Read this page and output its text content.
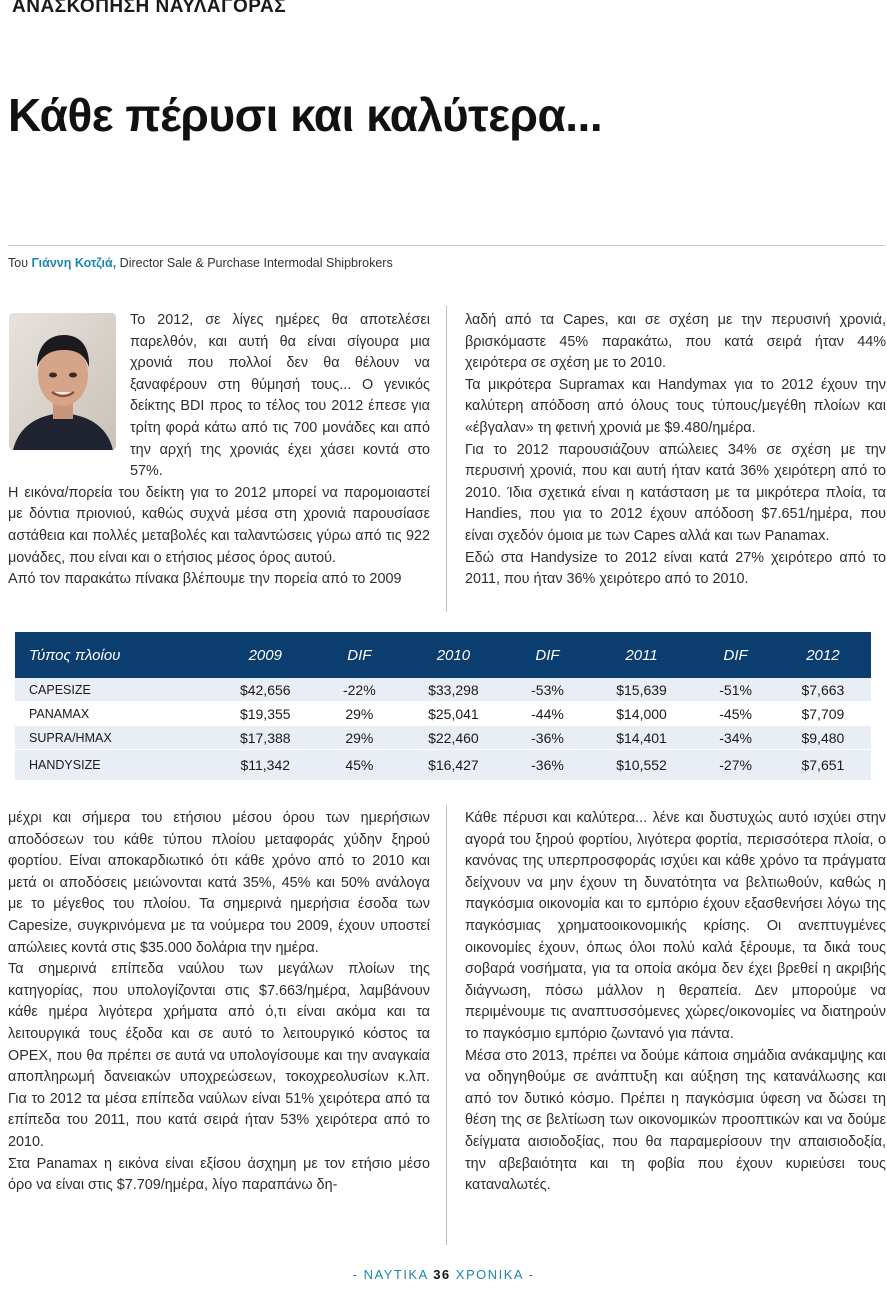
ΑΝΑΣΚΟΠΗΣΗ ΝΑΥΛΑΓΟΡΑΣ
Κάθε πέρυσι και καλύτερα...
Του Γιάννη Κοτζιά, Director Sale & Purchase Intermodal Shipbrokers

Το 2012, σε λίγες ημέρες θα αποτελέσει παρελθόν, και αυτή θα είναι σίγουρα μια χρονιά που πολλοί δεν θα θέλουν να ξαναφέρουν στη θύμησή τους... Ο γενικός δείκτης BDI προς το τέλος του 2012 έπεσε για τρίτη φορά κάτω από τις 700 μονάδες και από την αρχή της χρονιάς έχει χάσει κοντά στο 57%.

Η εικόνα/πορεία του δείκτη για το 2012 μπορεί να παρομοιαστεί με δόντια πριονιού, καθώς συχνά μέσα στη χρονιά παρουσίασε αστάθεια και πολλές μεταβολές και ταλαντώσεις γύρω από τις 922 μονάδες, που είναι και ο ετήσιος μέσος όρος αυτού.

Από τον παρακάτω πίνακα βλέπουμε την πορεία από το 2009

λαδή από τα Capes, και σε σχέση με την περυσινή χρονιά, βρισκόμαστε 45% παρακάτω, που κατά σειρά ήταν 44% χειρότερα σε σχέση με το 2010.

Τα μικρότερα Supramax και Handymax για το 2012 έχουν την καλύτερη απόδοση από όλους τους τύπους/μεγέθη πλοίων και «έβγαλαν» τη φετινή χρονιά με $9.480/ημέρα.

Για το 2012 παρουσιάζουν απώλειες 34% σε σχέση με την περυσινή χρονιά, που και αυτή ήταν κατά 36% χειρότερη από το 2010. Ίδια σχετικά είναι η κατάσταση με τα μικρότερα πλοία, τα Handies, που για το 2012 έχουν απόδοση $7.651/ημέρα, που είναι σχεδόν όμοια με των Capes αλλά και των Panamax.

Εδώ στα Handysize το 2012 είναι κατά 27% χειρότερο από το 2011, που ήταν 36% χειρότερο από το 2010.

Τύπος πλοίου	2009	DIF	2010	DIF	2011	DIF	2012
CAPESIZE	$42,656	-22%	$33,298	-53%	$15,639	-51%	$7,663
PANAMAX	$19,355	29%	$25,041	-44%	$14,000	-45%	$7,709
SUPRA/HMAX	$17,388	29%	$22,460	-36%	$14,401	-34%	$9,480
HANDYSIZE	$11,342	45%	$16,427	-36%	$10,552	-27%	$7,651

μέχρι και σήμερα του ετήσιου μέσου όρου των ημερήσιων αποδόσεων του κάθε τύπου πλοίου μεταφοράς χύδην ξηρού φορτίου. Είναι αποκαρδιωτικό ότι κάθε χρόνο από το 2010 και μετά οι αποδόσεις μειώνονται κατά 35%, 45% και 50% ανάλογα με το μέγεθος του πλοίου. Τα σημερινά ημερήσια έσοδα των Capesize, συγκρινόμενα με τα νούμερα του 2009, έχουν υποστεί απώλειες κοντά στις $35.000 δολάρια την ημέρα.

Τα σημερινά επίπεδα ναύλου των μεγάλων πλοίων της κατηγορίας, που υπολογίζονται στις $7.663/ημέρα, λαμβάνουν κάθε ημέρα λιγότερα χρήματα από ό,τι είναι ακόμα και τα λειτουργικά τους έξοδα και σε αυτό το λειτουργικό κόστος τα OPEX, που θα πρέπει σε αυτά να υπολογίσουμε και την αναγκαία αποπληρωμή δανειακών υποχρεώσεων, τοκοχρεολυσίων κ.λπ. Για το 2012 τα μέσα επίπεδα ναύλων είναι 51% χειρότερα από τα επίπεδα του 2011, που κατά σειρά ήταν 53% χειρότερα από το 2010.

Στα Panamax η εικόνα είναι εξίσου άσχημη με τον ετήσιο μέσο όρο να είναι στις $7.709/ημέρα, λίγο παραπάνω δη-

Κάθε πέρυσι και καλύτερα... λένε και δυστυχώς αυτό ισχύει στην αγορά του ξηρού φορτίου, λιγότερα φορτία, περισσότερα πλοία, ο κανόνας της υπερπροσφοράς ισχύει και κάθε χρόνο τα πράγματα δείχνουν να μην έχουν τη δυνατότητα να βελτιωθούν, καθώς η παγκόσμια οικονομία και το εμπόριο έχουν εξασθενήσει λόγω της παγκόσμιας χρηματοοικονομικής κρίσης. Οι ανεπτυγμένες οικονομίες έχουν, όπως όλοι πολύ καλά ξέρουμε, τα δικά τους σοβαρά νοσήματα, για τα οποία ακόμα δεν έχει βρεθεί η ακριβής διάγνωση, πόσω μάλλον η θεραπεία. Δεν μπορούμε να περιμένουμε τις αναπτυσσόμενες χώρες/οικονομίες να διατηρούν το παγκόσμιο εμπόριο ζωντανό για πάντα.

Μέσα στο 2013, πρέπει να δούμε κάποια σημάδια ανάκαμψης και να οδηγηθούμε σε ανάπτυξη και αύξηση της κατανάλωσης και από τον δυτικό κόσμο. Πρέπει η παγκόσμια ύφεση να δώσει τη θέση της σε βελτίωση των οικονομικών προοπτικών και να δούμε δείγματα αισιοδοξίας, που θα παραμερίσουν την απαισιοδοξία, την αβεβαιότητα και τη φοβία που έχουν κυριεύσει τους καταναλωτές.

- ΝΑΥΤΙΚΑ 36 ΧΡΟΝΙΚΑ -
